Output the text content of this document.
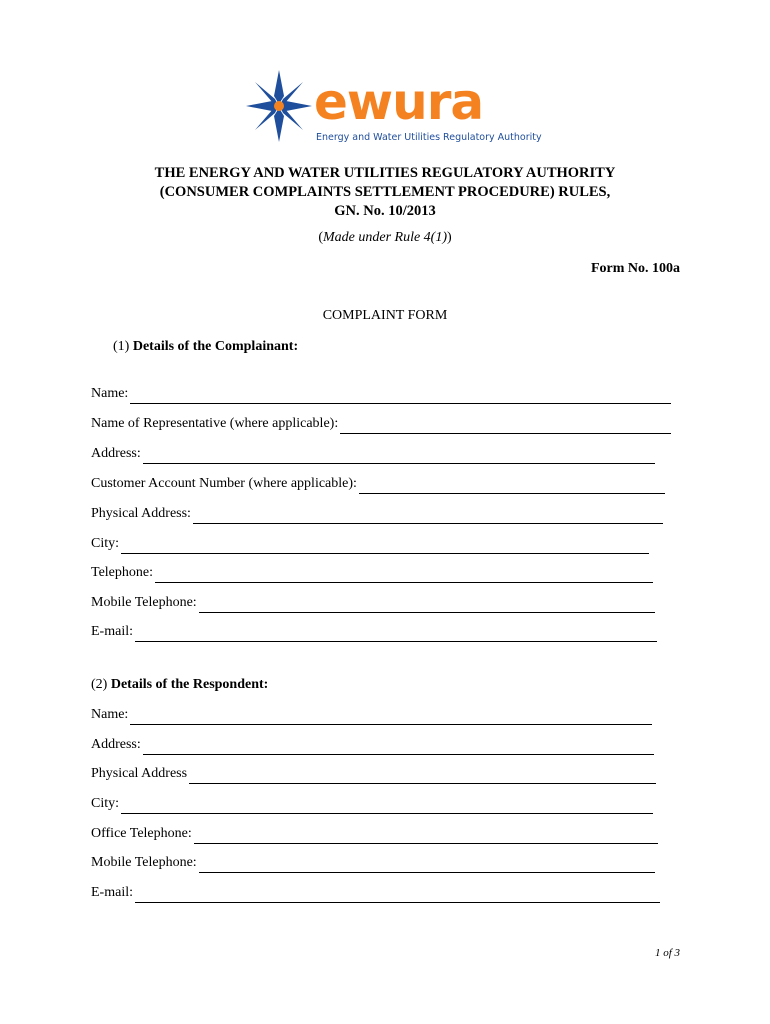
ewura
Energy and Water Utilities Regulatory Authority
THE ENERGY AND WATER UTILITIES REGULATORY AUTHORITY
(CONSUMER COMPLAINTS SETTLEMENT PROCEDURE) RULES,
GN. No. 10/2013
(Made under Rule 4(1))
Form No. 100a
COMPLAINT FORM
(1) Details of the Complainant:
Name:
Name of Representative (where applicable):
Address:
Customer Account Number (where applicable):
Physical Address:
City:
Telephone:
Mobile Telephone:
E-mail:
(2) Details of the Respondent:
Name:
Address:
Physical Address
City:
Office Telephone:
Mobile Telephone:
E-mail:
1 of 3
